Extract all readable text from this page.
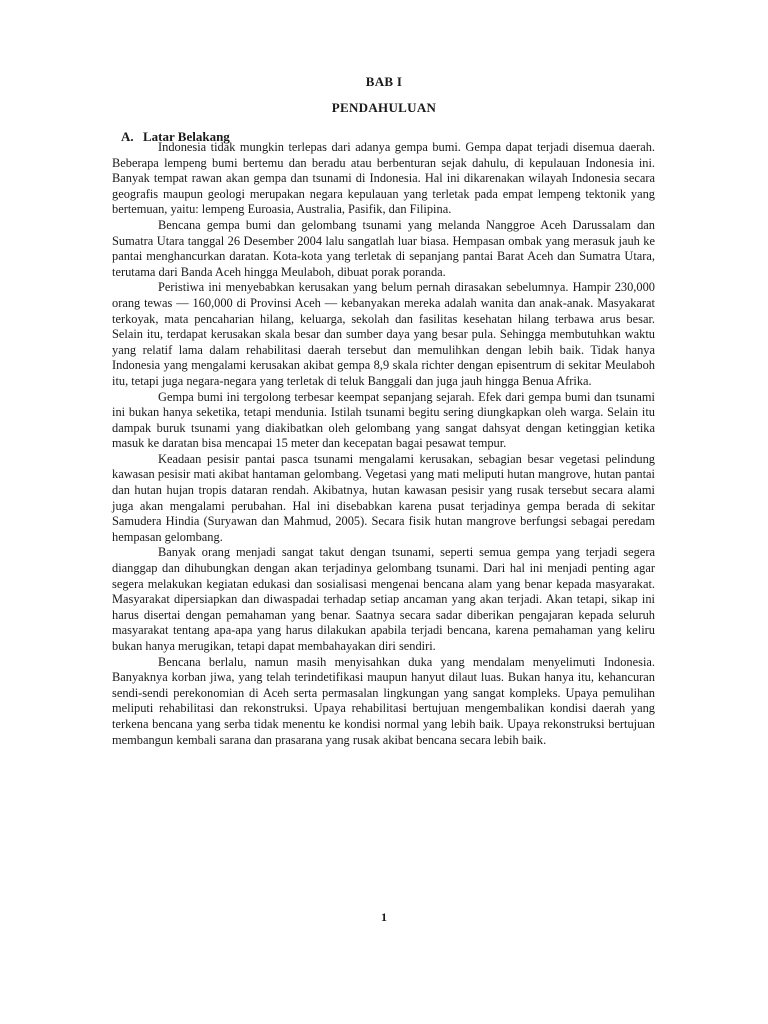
BAB I
PENDAHULUAN
A. Latar Belakang

Indonesia tidak mungkin terlepas dari adanya gempa bumi. Gempa dapat terjadi disemua daerah. Beberapa lempeng bumi bertemu dan beradu atau berbenturan sejak dahulu, di kepulauan Indonesia ini. Banyak tempat rawan akan gempa dan tsunami di Indonesia. Hal ini dikarenakan wilayah Indonesia secara geografis maupun geologi merupakan negara kepulauan yang terletak pada empat lempeng tektonik yang bertemuan, yaitu: lempeng Euroasia, Australia, Pasifik, dan Filipina.

Bencana gempa bumi dan gelombang tsunami yang melanda Nanggroe Aceh Darussalam dan Sumatra Utara tanggal 26 Desember 2004 lalu sangatlah luar biasa. Hempasan ombak yang merasuk jauh ke pantai menghancurkan daratan. Kota-kota yang terletak di sepanjang pantai Barat Aceh dan Sumatra Utara, terutama dari Banda Aceh hingga Meulaboh, dibuat porak poranda.

Peristiwa ini menyebabkan kerusakan yang belum pernah dirasakan sebelumnya. Hampir 230,000 orang tewas — 160,000 di Provinsi Aceh — kebanyakan mereka adalah wanita dan anak-anak. Masyakarat terkoyak, mata pencaharian hilang, keluarga, sekolah dan fasilitas kesehatan hilang terbawa arus besar. Selain itu, terdapat kerusakan skala besar dan sumber daya yang besar pula. Sehingga membutuhkan waktu yang relatif lama dalam rehabilitasi daerah tersebut dan memulihkan dengan lebih baik. Tidak hanya Indonesia yang mengalami kerusakan akibat gempa 8,9 skala richter dengan episentrum di sekitar Meulaboh itu, tetapi juga negara-negara yang terletak di teluk Banggali dan juga jauh hingga Benua Afrika.

Gempa bumi ini tergolong terbesar keempat sepanjang sejarah. Efek dari gempa bumi dan tsunami ini bukan hanya seketika, tetapi mendunia. Istilah tsunami begitu sering diungkapkan oleh warga. Selain itu dampak buruk tsunami yang diakibatkan oleh gelombang yang sangat dahsyat dengan ketinggian ketika masuk ke daratan bisa mencapai 15 meter dan kecepatan bagai pesawat tempur.

Keadaan pesisir pantai pasca tsunami mengalami kerusakan, sebagian besar vegetasi pelindung kawasan pesisir mati akibat hantaman gelombang. Vegetasi yang mati meliputi hutan mangrove, hutan pantai dan hutan hujan tropis dataran rendah. Akibatnya, hutan kawasan pesisir yang rusak tersebut secara alami juga akan mengalami perubahan. Hal ini disebabkan karena pusat terjadinya gempa berada di sekitar Samudera Hindia (Suryawan dan Mahmud, 2005). Secara fisik hutan mangrove berfungsi sebagai peredam hempasan gelombang.

Banyak orang menjadi sangat takut dengan tsunami, seperti semua gempa yang terjadi segera dianggap dan dihubungkan dengan akan terjadinya gelombang tsunami. Dari hal ini menjadi penting agar segera melakukan kegiatan edukasi dan sosialisasi mengenai bencana alam yang benar kepada masyarakat. Masyarakat dipersiapkan dan diwaspadai terhadap setiap ancaman yang akan terjadi. Akan tetapi, sikap ini harus disertai dengan pemahaman yang benar. Saatnya secara sadar diberikan pengajaran kepada seluruh masyarakat tentang apa-apa yang harus dilakukan apabila terjadi bencana, karena pemahaman yang keliru bukan hanya merugikan, tetapi dapat membahayakan diri sendiri.

Bencana berlalu, namun masih menyisahkan duka yang mendalam menyelimuti Indonesia. Banyaknya korban jiwa, yang telah terindetifikasi maupun hanyut dilaut luas. Bukan hanya itu, kehancuran sendi-sendi perekonomian di Aceh serta permasalan lingkungan yang sangat kompleks. Upaya pemulihan meliputi rehabilitasi dan rekonstruksi. Upaya rehabilitasi bertujuan mengembalikan kondisi daerah yang terkena bencana yang serba tidak menentu ke kondisi normal yang lebih baik. Upaya rekonstruksi bertujuan membangun kembali sarana dan prasarana yang rusak akibat bencana secara lebih baik.

1
